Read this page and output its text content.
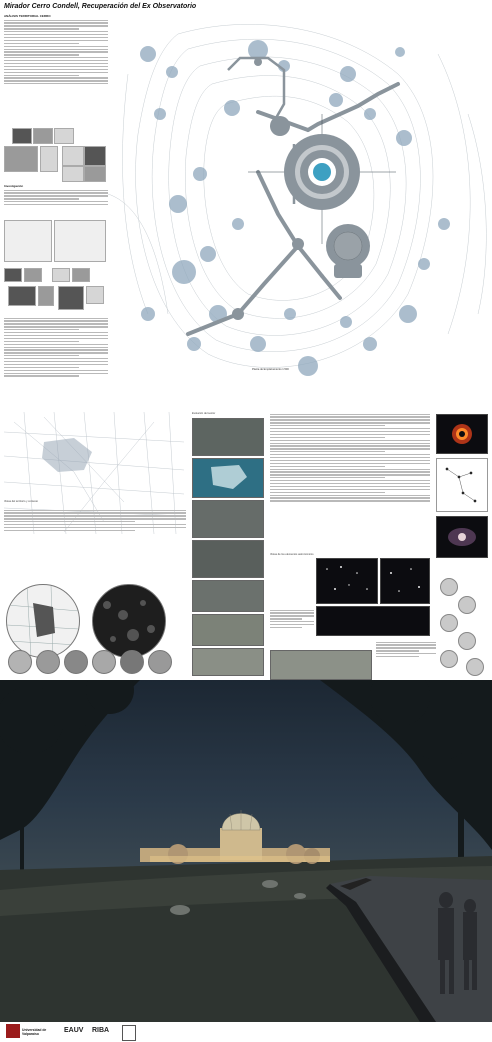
Mirador Cerro Condell, Recuperación del Ex Observatorio
ANÁLISIS TERRITORIAL CERRO
Investigación
Planta de Emplazamiento 1:500
Vistas del territorio y contexto
Evolución del sector
Vistas de los elementos astronómicos
Universidad de Valparaíso	EAUV RIBA
